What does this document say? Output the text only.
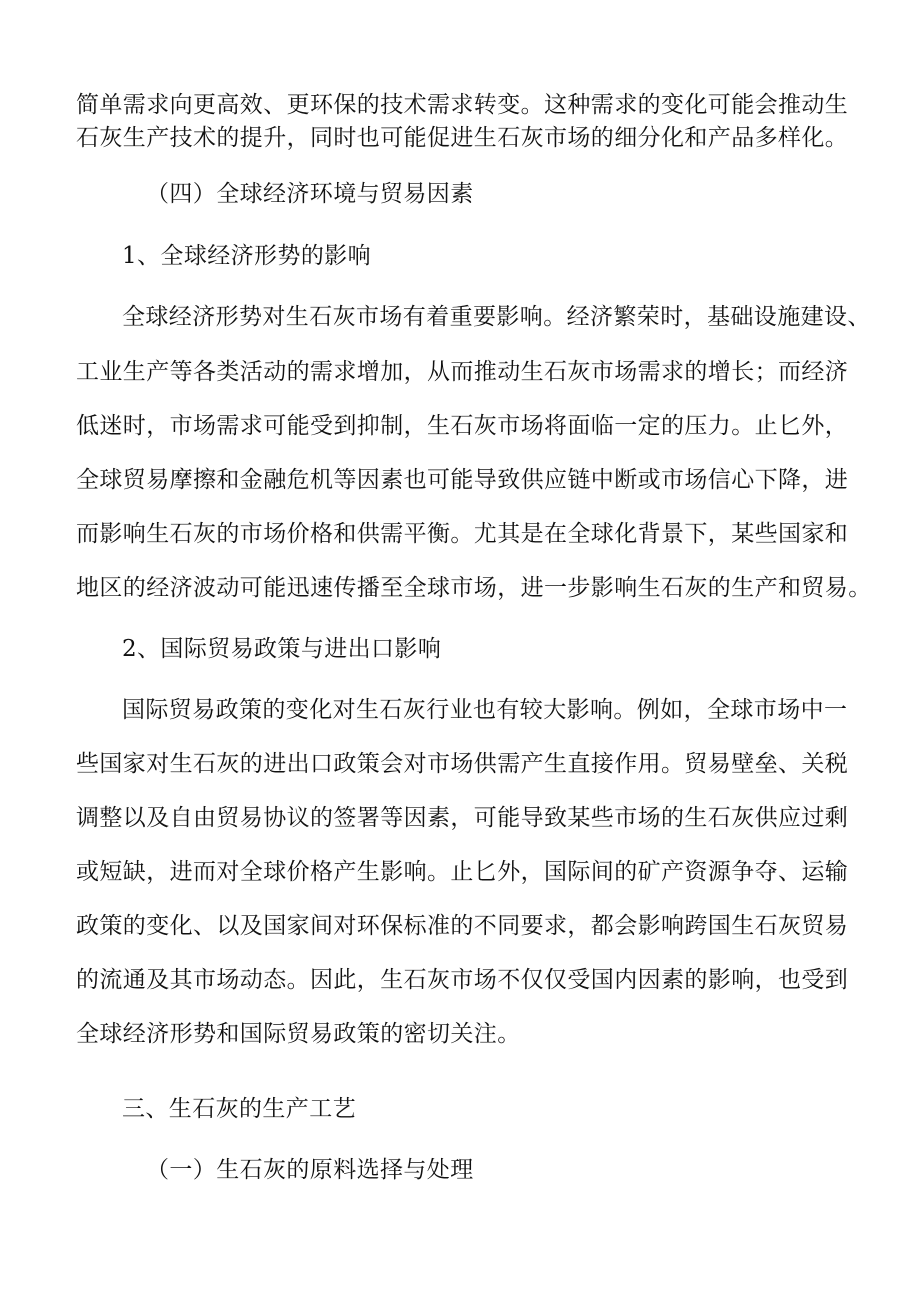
简单需求向更高效、更环保的技术需求转变。这种需求的变化可能会推动生
石灰生产技术的提升，同时也可能促进生石灰市场的细分化和产品多样化。
（四）全球经济环境与贸易因素
1、全球经济形势的影响
全球经济形势对生石灰市场有着重要影响。经济繁荣时，基础设施建设、
工业生产等各类活动的需求增加，从而推动生石灰市场需求的增长；而经济
低迷时，市场需求可能受到抑制，生石灰市场将面临一定的压力。止匕外，
全球贸易摩擦和金融危机等因素也可能导致供应链中断或市场信心下降，进
而影响生石灰的市场价格和供需平衡。尤其是在全球化背景下，某些国家和
地区的经济波动可能迅速传播至全球市场，进一步影响生石灰的生产和贸易。
2、国际贸易政策与进出口影响
国际贸易政策的变化对生石灰行业也有较大影响。例如，全球市场中一
些国家对生石灰的进出口政策会对市场供需产生直接作用。贸易壁垒、关税
调整以及自由贸易协议的签署等因素，可能导致某些市场的生石灰供应过剩
或短缺，进而对全球价格产生影响。止匕外，国际间的矿产资源争夺、运输
政策的变化、以及国家间对环保标准的不同要求，都会影响跨国生石灰贸易
的流通及其市场动态。因此，生石灰市场不仅仅受国内因素的影响，也受到
全球经济形势和国际贸易政策的密切关注。
三、生石灰的生产工艺
（一）生石灰的原料选择与处理
